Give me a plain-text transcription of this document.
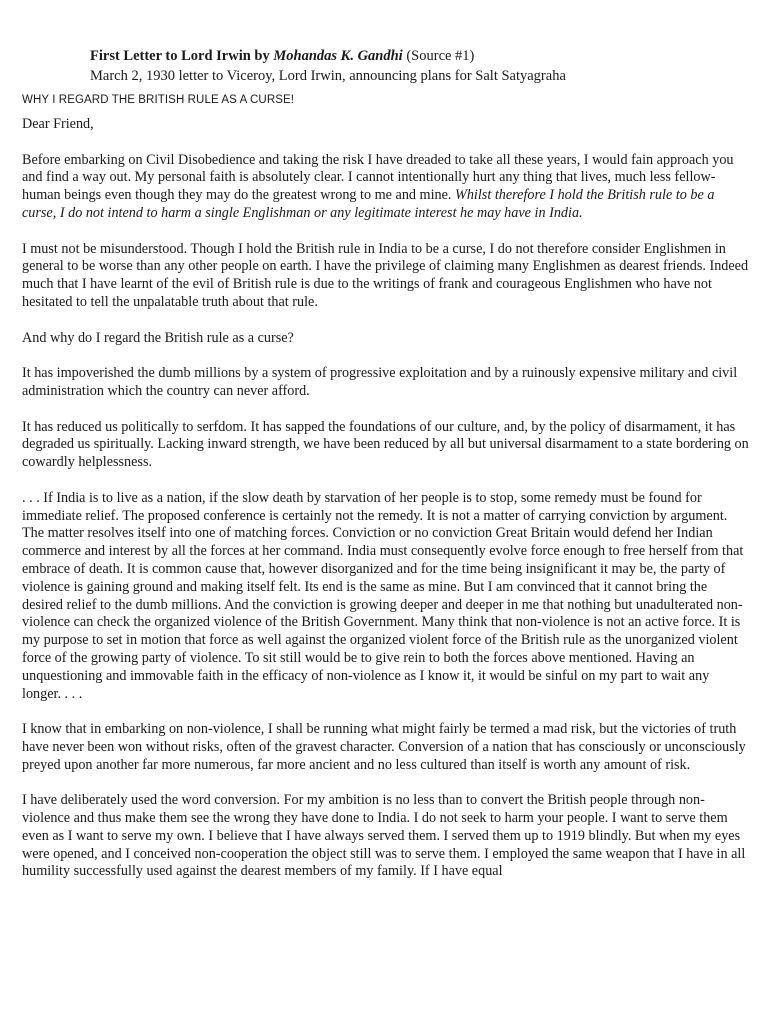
First Letter to Lord Irwin by Mohandas K. Gandhi (Source #1)
March 2, 1930 letter to Viceroy, Lord Irwin, announcing plans for Salt Satyagraha
WHY I REGARD THE BRITISH RULE AS A CURSE!

Dear Friend,

Before embarking on Civil Disobedience and taking the risk I have dreaded to take all these years, I would fain approach you and find a way out. My personal faith is absolutely clear. I cannot intentionally hurt any thing that lives, much less fellow-human beings even though they may do the greatest wrong to me and mine. Whilst therefore I hold the British rule to be a curse, I do not intend to harm a single Englishman or any legitimate interest he may have in India.

I must not be misunderstood. Though I hold the British rule in India to be a curse, I do not therefore consider Englishmen in general to be worse than any other people on earth. I have the privilege of claiming many Englishmen as dearest friends. Indeed much that I have learnt of the evil of British rule is due to the writings of frank and courageous Englishmen who have not hesitated to tell the unpalatable truth about that rule.

And why do I regard the British rule as a curse?

It has impoverished the dumb millions by a system of progressive exploitation and by a ruinously expensive military and civil administration which the country can never afford.

It has reduced us politically to serfdom. It has sapped the foundations of our culture, and, by the policy of disarmament, it has degraded us spiritually. Lacking inward strength, we have been reduced by all but universal disarmament to a state bordering on cowardly helplessness.

. . . If India is to live as a nation, if the slow death by starvation of her people is to stop, some remedy must be found for immediate relief. The proposed conference is certainly not the remedy. It is not a matter of carrying conviction by argument. The matter resolves itself into one of matching forces. Conviction or no conviction Great Britain would defend her Indian commerce and interest by all the forces at her command. India must consequently evolve force enough to free herself from that embrace of death. It is common cause that, however disorganized and for the time being insignificant it may be, the party of violence is gaining ground and making itself felt. Its end is the same as mine. But I am convinced that it cannot bring the desired relief to the dumb millions. And the conviction is growing deeper and deeper in me that nothing but unadulterated non-violence can check the organized violence of the British Government. Many think that non-violence is not an active force. It is my purpose to set in motion that force as well against the organized violent force of the British rule as the unorganized violent force of the growing party of violence. To sit still would be to give rein to both the forces above mentioned. Having an unquestioning and immovable faith in the efficacy of non-violence as I know it, it would be sinful on my part to wait any longer. . . .

I know that in embarking on non-violence, I shall be running what might fairly be termed a mad risk, but the victories of truth have never been won without risks, often of the gravest character. Conversion of a nation that has consciously or unconsciously preyed upon another far more numerous, far more ancient and no less cultured than itself is worth any amount of risk.

I have deliberately used the word conversion. For my ambition is no less than to convert the British people through non-violence and thus make them see the wrong they have done to India. I do not seek to harm your people. I want to serve them even as I want to serve my own. I believe that I have always served them. I served them up to 1919 blindly. But when my eyes were opened, and I conceived non-cooperation the object still was to serve them. I employed the same weapon that I have in all humility successfully used against the dearest members of my family. If I have equal
